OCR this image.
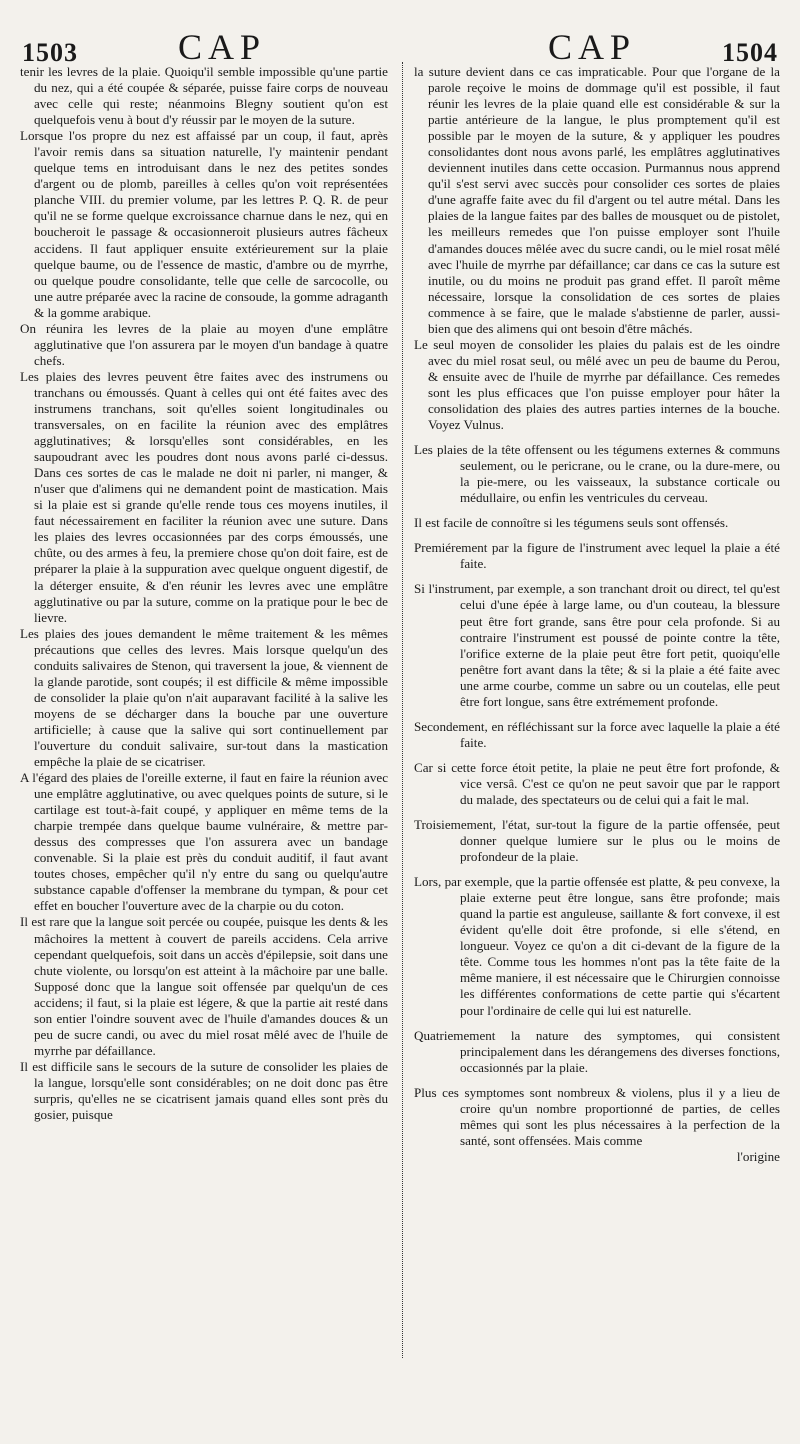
1503	CAP	CAP	1504

tenir les levres de la plaie. Quoiqu'il semble impossible qu'une partie du nez, qui a été coupée & séparée, puisse faire corps de nouveau avec celle qui reste; néanmoins Blegny soutient qu'on est quelquefois venu à bout d'y réussir par le moyen de la suture.

Lorsque l'os propre du nez est affaissé par un coup, il faut, après l'avoir remis dans sa situation naturelle, l'y maintenir pendant quelque tems en introduisant dans le nez des petites sondes d'argent ou de plomb, pareilles à celles qu'on voit représentées planche VIII. du premier volume, par les lettres P. Q. R. de peur qu'il ne se forme quelque excroissance charnue dans le nez, qui en boucheroit le passage & occasionneroit plusieurs autres fâcheux accidens. Il faut appliquer ensuite extérieurement sur la plaie quelque baume, ou de l'essence de mastic, d'ambre ou de myrrhe, ou quelque poudre consolidante, telle que celle de sarcocolle, ou une autre préparée avec la racine de consoude, la gomme adraganth & la gomme arabique.

On réunira les levres de la plaie au moyen d'une emplâtre agglutinative que l'on assurera par le moyen d'un bandage à quatre chefs.

Les plaies des levres peuvent être faites avec des instrumens ou tranchans ou émoussés. Quant à celles qui ont été faites avec des instrumens tranchans, soit qu'elles soient longitudinales ou transversales, on en facilite la réunion avec des emplâtres agglutinatives; & lorsqu'elles sont considérables, en les saupoudrant avec les poudres dont nous avons parlé ci-dessus. Dans ces sortes de cas le malade ne doit ni parler, ni manger, & n'user que d'alimens qui ne demandent point de mastication. Mais si la plaie est si grande qu'elle rende tous ces moyens inutiles, il faut nécessairement en faciliter la réunion avec une suture. Dans les plaies des levres occasionnées par des corps émoussés, une chûte, ou des armes à feu, la premiere chose qu'on doit faire, est de préparer la plaie à la suppuration avec quelque onguent digestif, de la déterger ensuite, & d'en réunir les levres avec une emplâtre agglutinative ou par la suture, comme on la pratique pour le bec de lievre.

Les plaies des joues demandent le même traitement & les mêmes précautions que celles des levres. Mais lorsque quelqu'un des conduits salivaires de Stenon, qui traversent la joue, & viennent de la glande parotide, sont coupés; il est difficile & même impossible de consolider la plaie qu'on n'ait auparavant facilité à la salive les moyens de se décharger dans la bouche par une ouverture artificielle; à cause que la salive qui sort continuellement par l'ouverture du conduit salivaire, sur-tout dans la mastication empêche la plaie de se cicatriser.

A l'égard des plaies de l'oreille externe, il faut en faire la réunion avec une emplâtre agglutinative, ou avec quelques points de suture, si le cartilage est tout-à-fait coupé, y appliquer en même tems de la charpie trempée dans quelque baume vulnéraire, & mettre par-dessus des compresses que l'on assurera avec un bandage convenable. Si la plaie est près du conduit auditif, il faut avant toutes choses, empêcher qu'il n'y entre du sang ou quelqu'autre substance capable d'offenser la membrane du tympan, & pour cet effet en boucher l'ouverture avec de la charpie ou du coton.

Il est rare que la langue soit percée ou coupée, puisque les dents & les mâchoires la mettent à couvert de pareils accidens. Cela arrive cependant quelquefois, soit dans un accès d'épilepsie, soit dans une chute violente, ou lorsqu'on est atteint à la mâchoire par une balle. Supposé donc que la langue soit offensée par quelqu'un de ces accidens; il faut, si la plaie est légere, & que la partie ait resté dans son entier l'oindre souvent avec de l'huile d'amandes douces & un peu de sucre candi, ou avec du miel rosat mêlé avec de l'huile de myrrhe par défaillance.

Il est difficile sans le secours de la suture de consolider les plaies de la langue, lorsqu'elle sont considérables; on ne doit donc pas être surpris, qu'elles ne se cicatrisent jamais quand elles sont près du gosier, puisque

la suture devient dans ce cas impraticable. Pour que l'organe de la parole reçoive le moins de dommage qu'il est possible, il faut réunir les levres de la plaie quand elle est considérable & sur la partie antérieure de la langue, le plus promptement qu'il est possible par le moyen de la suture, & y appliquer les poudres consolidantes dont nous avons parlé, les emplâtres agglutinatives deviennent inutiles dans cette occasion. Purmannus nous apprend qu'il s'est servi avec succès pour consolider ces sortes de plaies d'une agraffe faite avec du fil d'argent ou tel autre métal. Dans les plaies de la langue faites par des balles de mousquet ou de pistolet, les meilleurs remedes que l'on puisse employer sont l'huile d'amandes douces mêlée avec du sucre candi, ou le miel rosat mêlé avec l'huile de myrrhe par défaillance; car dans ce cas la suture est inutile, ou du moins ne produit pas grand effet. Il paroît même nécessaire, lorsque la consolidation de ces sortes de plaies commence à se faire, que le malade s'abstienne de parler, aussi-bien que des alimens qui ont besoin d'être mâchés.

Le seul moyen de consolider les plaies du palais est de les oindre avec du miel rosat seul, ou mêlé avec un peu de baume du Perou, & ensuite avec de l'huile de myrrhe par défaillance. Ces remedes sont les plus efficaces que l'on puisse employer pour hâter la consolidation des plaies des autres parties internes de la bouche. Voyez Vulnus.

Les plaies de la tête offensent ou les tégumens externes & communs seulement, ou le pericrane, ou le crane, ou la dure-mere, ou la pie-mere, ou les vaisseaux, la substance corticale ou médullaire, ou enfin les ventricules du cerveau.

Il est facile de connoître si les tégumens seuls sont offensés.

Premiérement par la figure de l'instrument avec lequel la plaie a été faite.

Si l'instrument, par exemple, a son tranchant droit ou direct, tel qu'est celui d'une épée à large lame, ou d'un couteau, la blessure peut être fort grande, sans être pour cela profonde. Si au contraire l'instrument est poussé de pointe contre la tête, l'orifice externe de la plaie peut être fort petit, quoiqu'elle penêtre fort avant dans la tête; & si la plaie a été faite avec une arme courbe, comme un sabre ou un coutelas, elle peut être fort longue, sans être extrémement profonde.

Secondement, en réfléchissant sur la force avec laquelle la plaie a été faite.

Car si cette force étoit petite, la plaie ne peut être fort profonde, & vice versâ. C'est ce qu'on ne peut savoir que par le rapport du malade, des spectateurs ou de celui qui a fait le mal.

Troisiemement, l'état, sur-tout la figure de la partie offensée, peut donner quelque lumiere sur le plus ou le moins de profondeur de la plaie.

Lors, par exemple, que la partie offensée est platte, & peu convexe, la plaie externe peut être longue, sans être profonde; mais quand la partie est anguleuse, saillante & fort convexe, il est évident qu'elle doit être profonde, si elle s'étend, en longueur. Voyez ce qu'on a dit ci-devant de la figure de la tête. Comme tous les hommes n'ont pas la tête faite de la même maniere, il est nécessaire que le Chirurgien connoisse les différentes conformations de cette partie qui s'écartent pour l'ordinaire de celle qui lui est naturelle.

Quatriemement la nature des symptomes, qui consistent principalement dans les dérangemens des diverses fonctions, occasionnés par la plaie.

Plus ces symptomes sont nombreux & violens, plus il y a lieu de croire qu'un nombre proportionné de parties, de celles mêmes qui sont les plus nécessaires à la perfection de la santé, sont offensées. Mais comme

l'origine
